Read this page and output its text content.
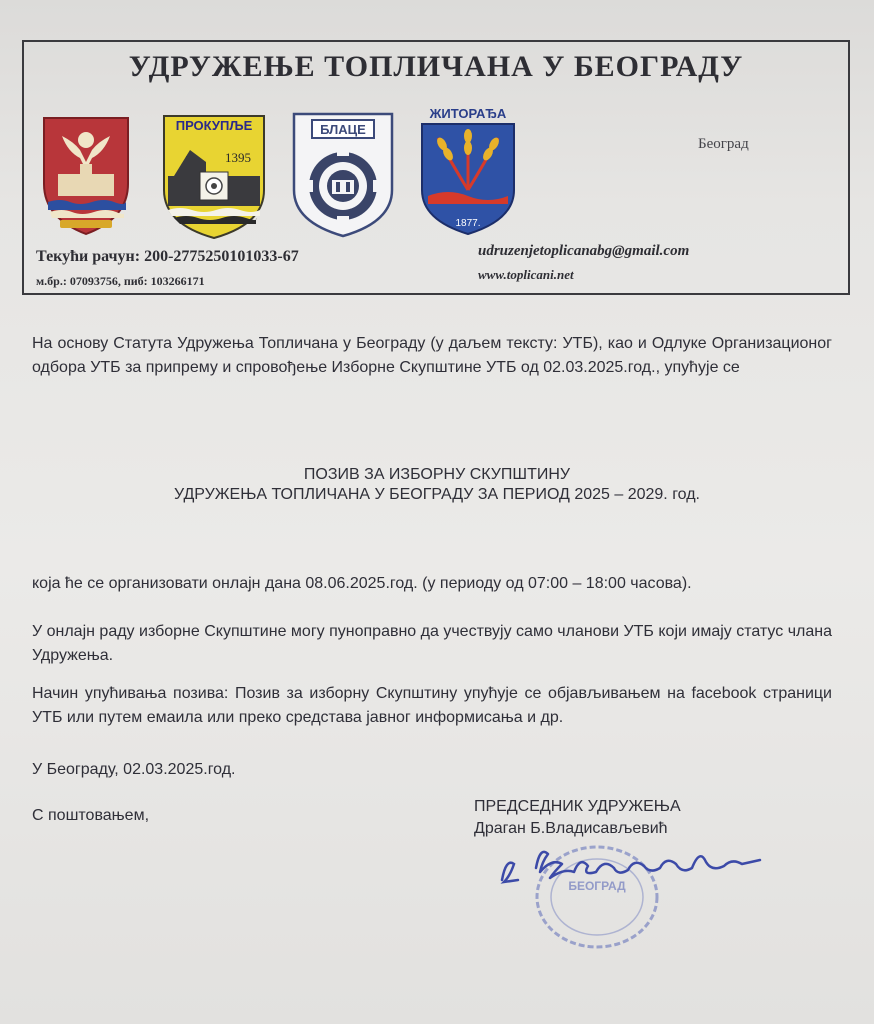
УДРУЖЕЊЕ ТОПЛИЧАНА У БЕОГРАДУ
ПРОКУПЉЕ
1395
БЛАЦЕ
ЖИТОРАЂА
1877.
Београд
Текући рачун: 200-2775250101033-67
м.бр.: 07093756, пиб: 103266171
udruzenjetoplicanabg@gmail.com
www.toplicani.net
На основу Статута Удружења Топличана у Београду (у даљем тексту: УТБ), као и Одлуке Организационог одбора УТБ за припрему и спровођење Изборне Скупштине УТБ од 02.03.2025.год., упућује се
ПОЗИВ ЗА ИЗБОРНУ СКУПШТИНУ
УДРУЖЕЊА ТОПЛИЧАНА У БЕОГРАДУ ЗА ПЕРИОД 2025 – 2029. год.
која ће се организовати онлајн дана 08.06.2025.год. (у периоду од 07:00 – 18:00 часова).
У онлајн раду изборне Скупштине могу пуноправно да учествују само чланови УТБ који имају статус члана Удружења.
Начин упућивања позива: Позив за изборну Скупштину упућује се објављивањем на facebook страници УТБ или путем емаила или преко средстава јавног информисања и др.
У Београду, 02.03.2025.год.
С поштовањем,
ПРЕДСЕДНИК УДРУЖЕЊА
Драган Б.Владисављевић
БЕОГРАД
